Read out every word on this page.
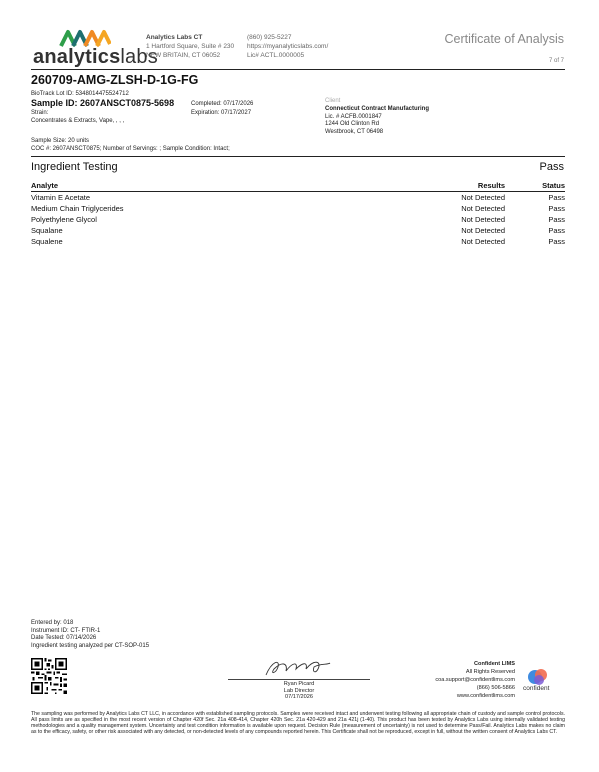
analyticslabs
Analytics Labs CT
1 Hartford Square, Suite # 230
NEW BRITAIN, CT 06052
(860) 925-5227
https://myanalyticslabs.com/
Lic# ACTL.0000005
Certificate of Analysis
7 of 7
260709-AMG-ZLSH-D-1G-FG
BioTrack Lot ID: 5348014475524712
Sample ID: 2607ANSCT0875-5698
Strain:
Concentrates & Extracts, Vape, , , ,
Completed: 07/17/2026
Expiration: 07/17/2027
Client
Connecticut Contract Manufacturing
Lic. # ACFB.0001847
1244 Old Clinton Rd
Westbrook, CT 06498
Sample Size: 20 units
COC #: 2607ANSCT0875; Number of Servings: ; Sample Condition: Intact;
Ingredient Testing	Pass
Analyte	Results	Status
Vitamin E Acetate	Not Detected	Pass
Medium Chain Triglycerides	Not Detected	Pass
Polyethylene Glycol	Not Detected	Pass
Squalane	Not Detected	Pass
Squalene	Not Detected	Pass
Entered by: 018
Instrument ID: CT- FTIR-1
Date Tested: 07/14/2026
Ingredient testing analyzed per CT-SOP-015
Ryan Picard
Lab Director
07/17/2026
Confident LIMS
All Rights Reserved
coa.support@confidentlims.com
(866) 506-5866
www.confidentlims.com
confident
The sampling was performed by Analytics Labs CT LLC, in accordance with established sampling protocols. Samples were received intact and underwent testing following all appropriate chain of custody and sample control protocols. All pass limits are as specified in the most recent version of Chapter 420f Sec. 21a 408-414, Chapter 420h Sec. 21a 420-429 and 21a 421j (1-40). This product has been tested by Analytics Labs using internally validated testing methodologies and a quality management system. Uncertainty and test condition information is available upon request. Decision Rule (measurement of uncertainty) is not used to determine Pass/Fail. Analytics Labs makes no claim as to the efficacy, safety, or other risk associated with any detected, or non-detected levels of any compounds reported herein. This Certificate shall not be reproduced, except in full, without the written consent of Analytics Labs CT.
